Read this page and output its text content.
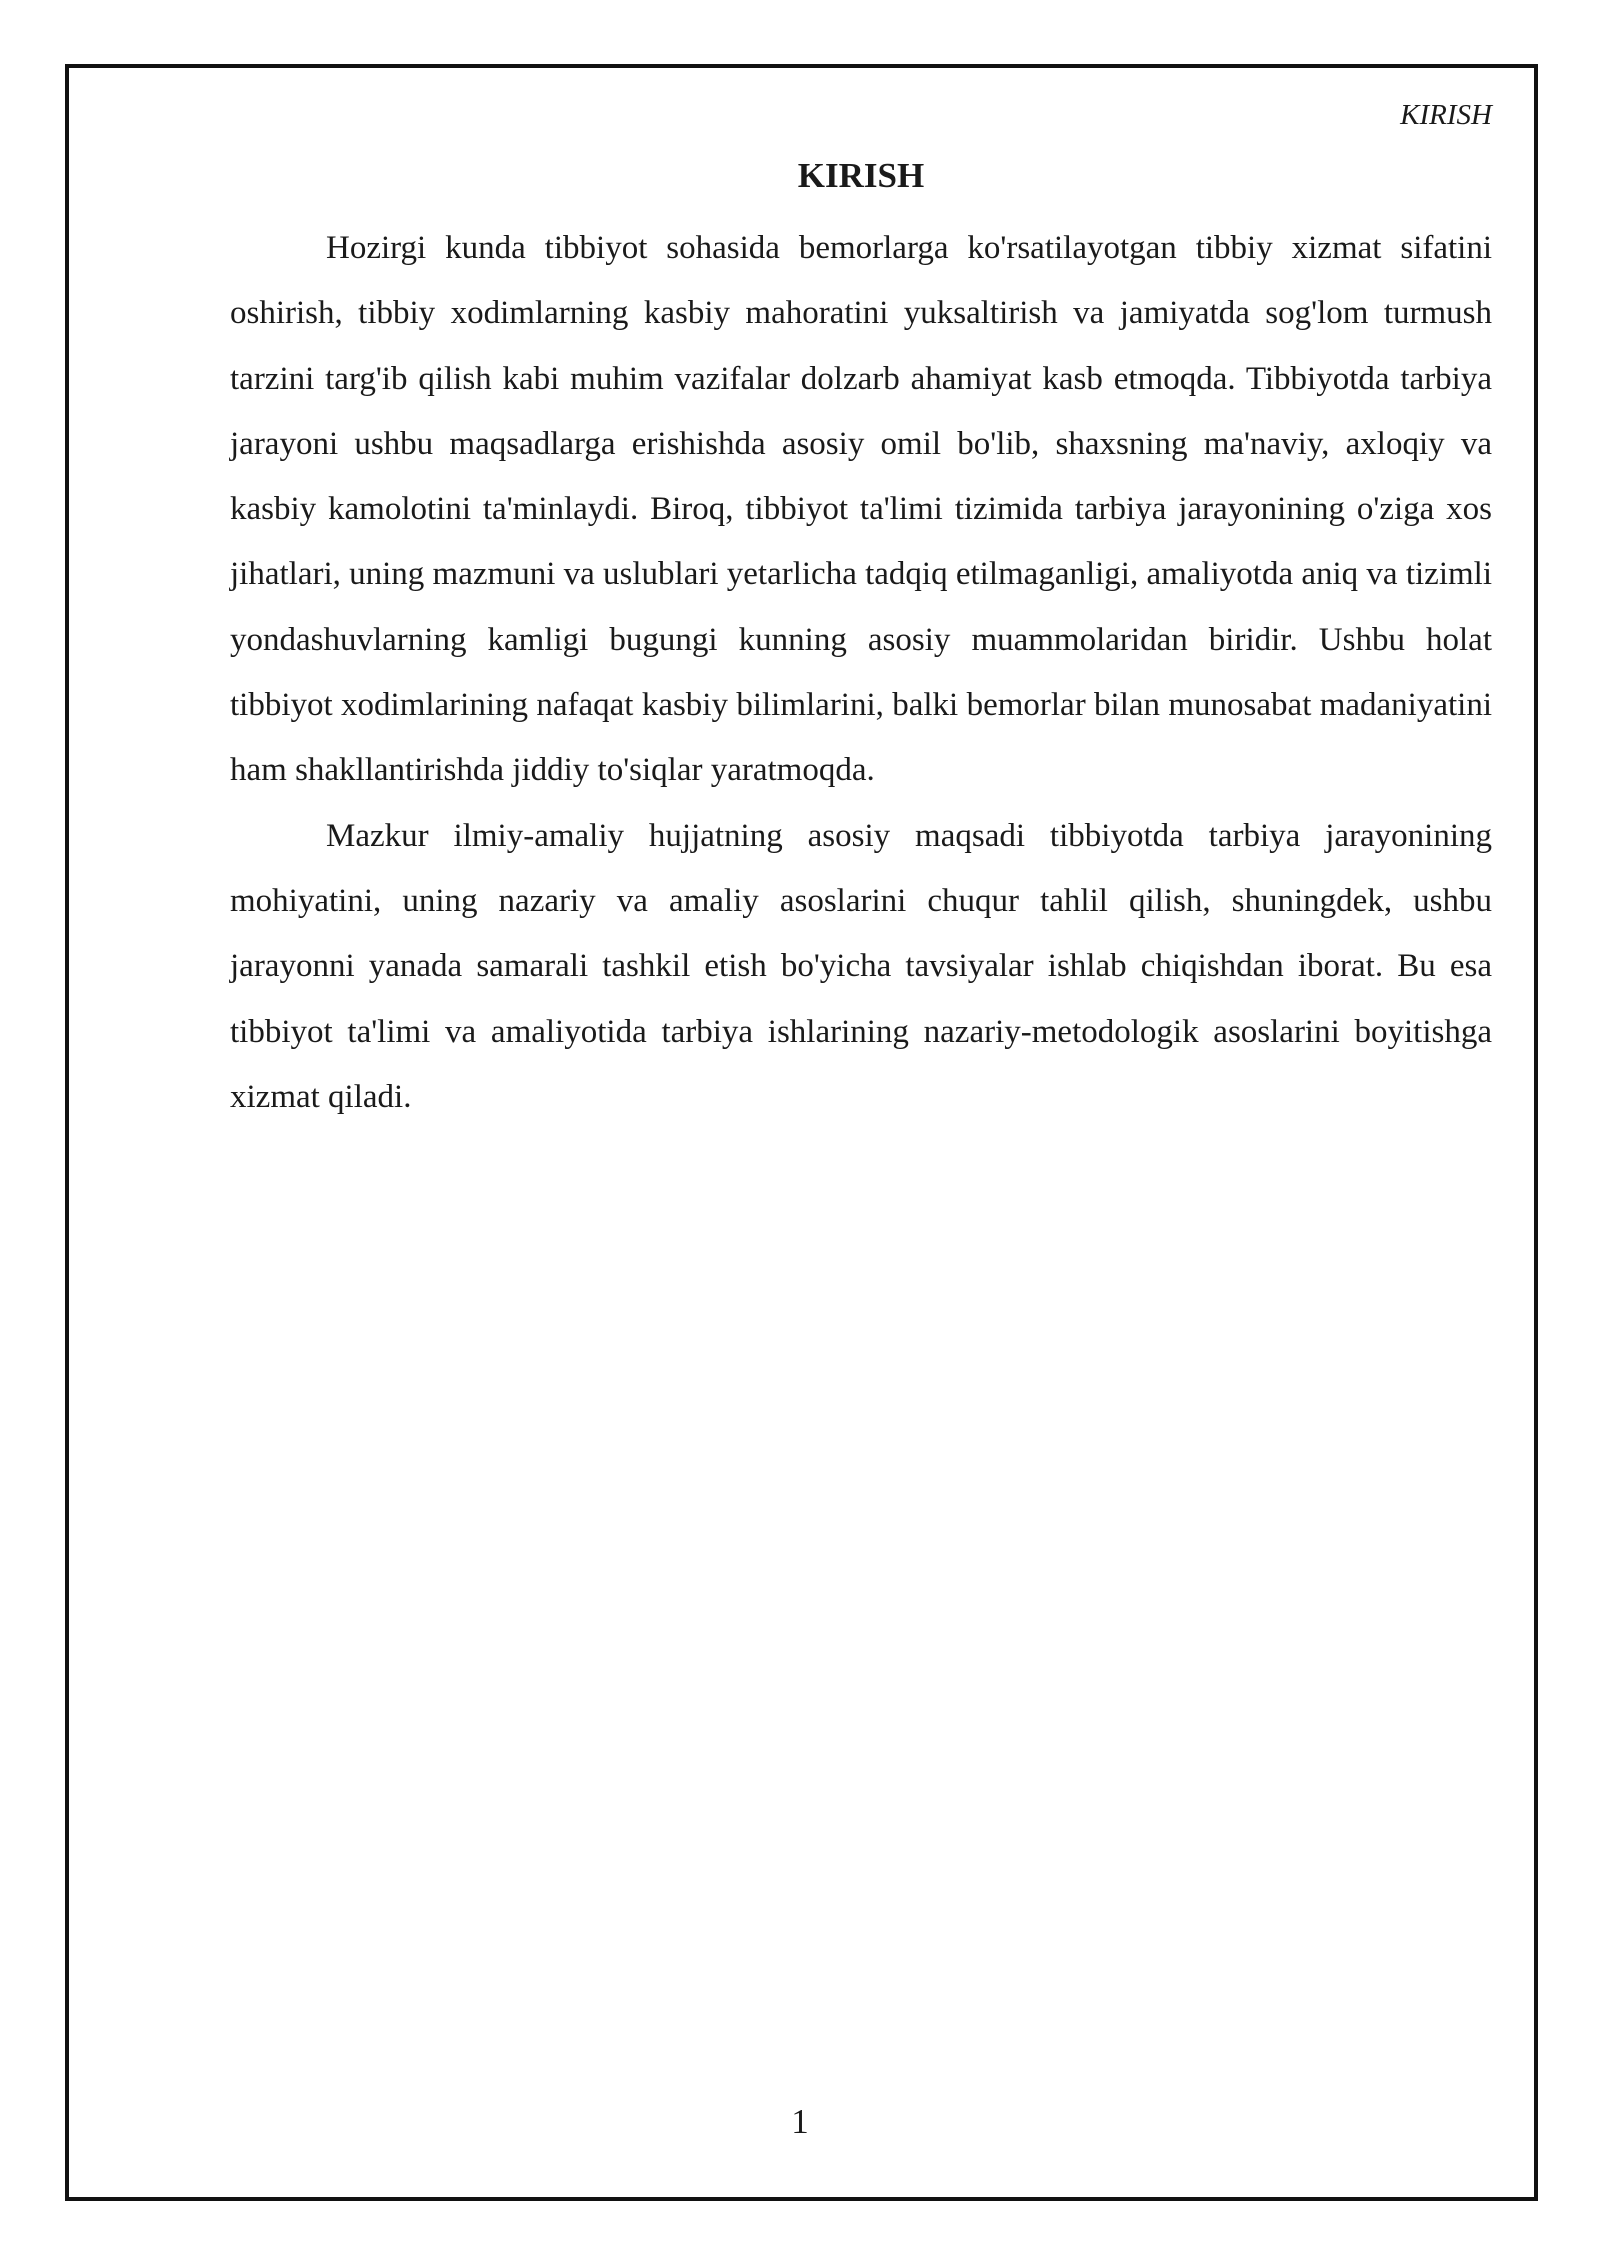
KIRISH
KIRISH

Hozirgi kunda tibbiyot sohasida bemorlarga ko'rsatilayotgan tibbiy xizmat sifatini oshirish, tibbiy xodimlarning kasbiy mahoratini yuksaltirish va jamiyatda sog'lom turmush tarzini targ'ib qilish kabi muhim vazifalar dolzarb ahamiyat kasb etmoqda. Tibbiyotda tarbiya jarayoni ushbu maqsadlarga erishishda asosiy omil bo'lib, shaxsning ma'naviy, axloqiy va kasbiy kamolotini ta'minlaydi. Biroq, tibbiyot ta'limi tizimida tarbiya jarayonining o'ziga xos jihatlari, uning mazmuni va uslublari yetarlicha tadqiq etilmaganligi, amaliyotda aniq va tizimli yondashuvlarning kamligi bugungi kunning asosiy muammolaridan biridir. Ushbu holat tibbiyot xodimlarining nafaqat kasbiy bilimlarini, balki bemorlar bilan munosabat madaniyatini ham shakllantirishda jiddiy to'siqlar yaratmoqda.

Mazkur ilmiy-amaliy hujjatning asosiy maqsadi tibbiyotda tarbiya jarayonining mohiyatini, uning nazariy va amaliy asoslarini chuqur tahlil qilish, shuningdek, ushbu jarayonni yanada samarali tashkil etish bo'yicha tavsiyalar ishlab chiqishdan iborat. Bu esa tibbiyot ta'limi va amaliyotida tarbiya ishlarining nazariy-metodologik asoslarini boyitishga xizmat qiladi.

1
